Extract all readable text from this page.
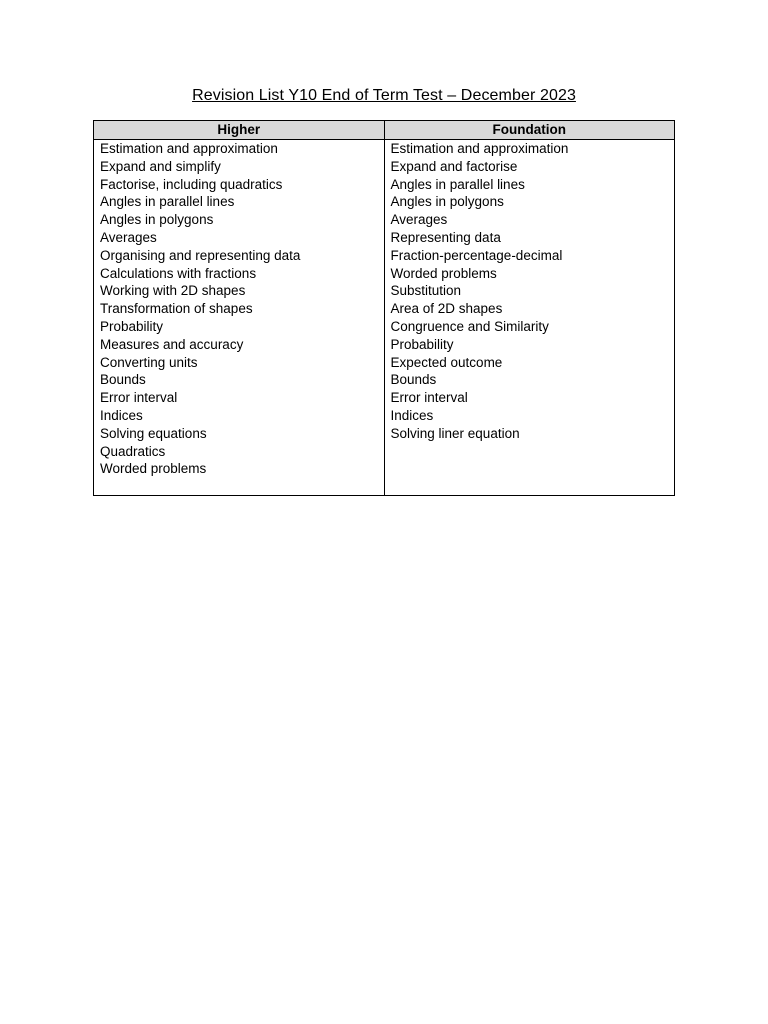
Revision List Y10 End of Term Test – December 2023
Higher
Estimation and approximation
Expand and simplify
Factorise, including quadratics
Angles in parallel lines
Angles in polygons
Averages
Organising and representing data
Calculations with fractions
Working with 2D shapes
Transformation of shapes
Probability
Measures and accuracy
Converting units
Bounds
Error interval
Indices
Solving equations
Quadratics
Worded problems
Foundation
Estimation and approximation
Expand and factorise
Angles in parallel lines
Angles in polygons
Averages
Representing data
Fraction-percentage-decimal
Worded problems
Substitution
Area of 2D shapes
Congruence and Similarity
Probability
Expected outcome
Bounds
Error interval
Indices
Solving liner equation
